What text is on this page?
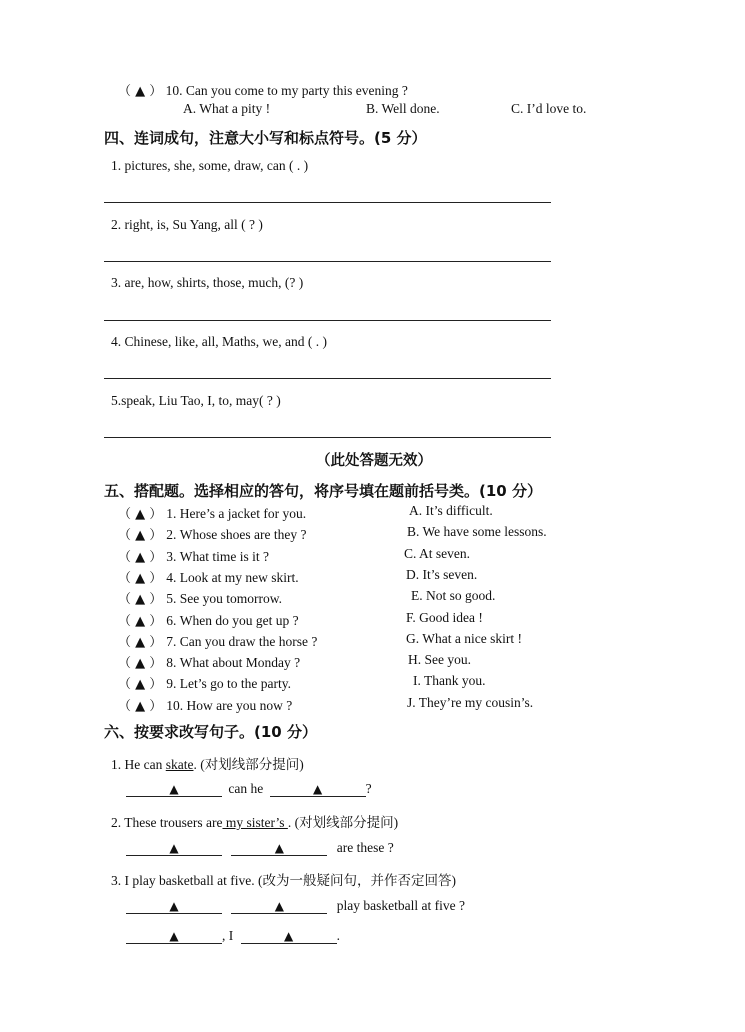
（ ▲ ） 10. Can you come to my party this evening ?
A. What a pity !	B. Well done.	C. I’d love to.
四、连词成句，注意大小写和标点符号。(5 分）
1. pictures, she, some, draw, can ( . )
2. right, is, Su Yang, all ( ? )
3. are, how, shirts, those, much, (? )
4. Chinese, like, all, Maths, we, and ( . )
5.speak, Liu Tao, I, to, may( ? )
（此处答题无效）
五、搭配题。选择相应的答句，将序号填在题前括号类。(10 分）
（ ▲ ） 1. Here’s a jacket for you.	A. It’s difficult.
（ ▲ ） 2. Whose shoes are they ?	B. We have some lessons.
（ ▲ ） 3. What time is it ?	C. At seven.
（ ▲ ） 4. Look at my new skirt.	D. It’s seven.
（ ▲ ） 5. See you tomorrow.	E. Not so good.
（ ▲ ） 6. When do you get up ?	F. Good idea !
（ ▲ ） 7. Can you draw the horse ?	G. What a nice skirt !
（ ▲ ） 8. What about Monday ?	H. See you.
（ ▲ ） 9. Let’s go to the party.	I. Thank you.
（ ▲ ） 10. How are you now ?	J. They’re my cousin’s.
六、按要求改写句子。(10 分）
1. He can skate. (对划线部分提问)
▲	can he	▲	?
2. These trousers are my sister’s . (对划线部分提问)
▲	▲	are these ?
3. I play basketball at five. (改为一般疑问句，并作否定回答)
▲	▲	play basketball at five ?
▲	, I	▲	.
